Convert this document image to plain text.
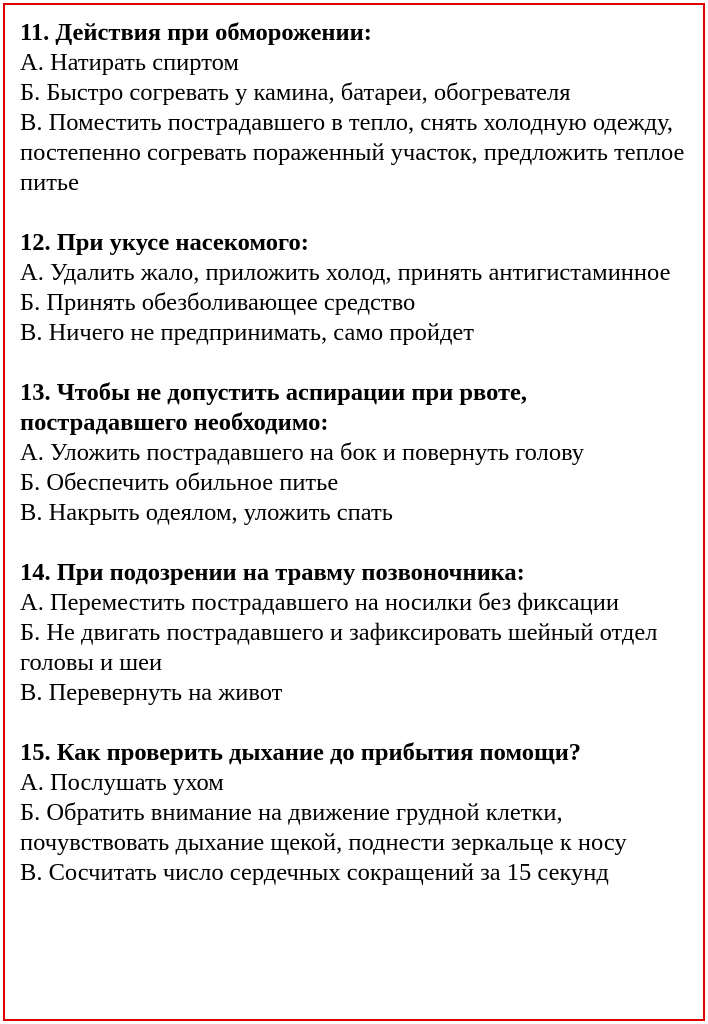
11. Действия при обморожении:
А. Натирать спиртом
Б. Быстро согревать у камина, батареи, обогревателя
В. Поместить пострадавшего в тепло, снять холодную одежду, постепенно согревать пораженный участок, предложить теплое питье
12. При укусе насекомого:
А. Удалить жало, приложить холод, принять антигистаминное
Б. Принять обезболивающее средство
В. Ничего не предпринимать, само пройдет
13. Чтобы не допустить аспирации при рвоте, пострадавшего необходимо:
А. Уложить пострадавшего на бок и повернуть голову
Б. Обеспечить обильное питье
В. Накрыть одеялом, уложить спать
14. При подозрении на травму позвоночника:
А. Переместить пострадавшего на носилки без фиксации
Б. Не двигать пострадавшего и зафиксировать шейный отдел головы и шеи
В. Перевернуть на живот
15. Как проверить дыхание до прибытия помощи?
А. Послушать ухом
Б. Обратить внимание на движение грудной клетки, почувствовать дыхание щекой, поднести зеркальце к носу
В. Сосчитать число сердечных сокращений за 15 секунд
